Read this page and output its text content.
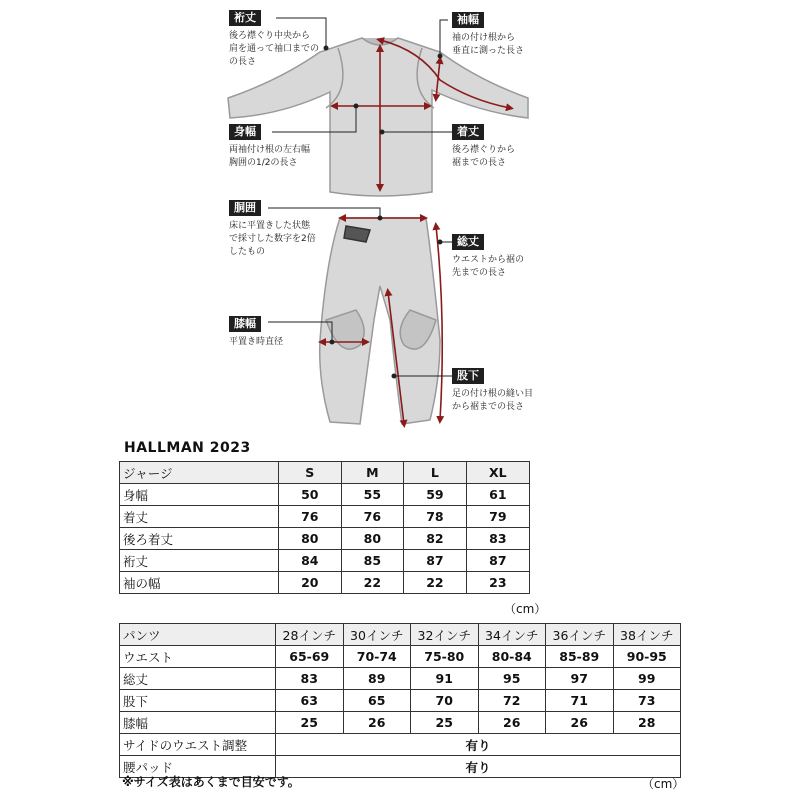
裄丈
後ろ襟ぐり中央から
肩を通って袖口までの
の長さ
袖幅
袖の付け根から
垂直に測った長さ
身幅
両袖付け根の左右幅
胸囲の1/2の長さ
着丈
後ろ襟ぐりから
裾までの長さ
胴囲
床に平置きした状態
で採寸した数字を2倍
したもの
総丈
ウエストから裾の
先までの長さ
膝幅
平置き時直径
股下
足の付け根の縫い目
から裾までの長さ
HALLMAN 2023
ジャージ	S	M	L	XL
身幅	50	55	59	61
着丈	76	76	78	79
後ろ着丈	80	80	82	83
裄丈	84	85	87	87
袖の幅	20	22	22	23
（cm）
パンツ	28インチ	30インチ	32インチ	34インチ	36インチ	38インチ
ウエスト	65-69	70-74	75-80	80-84	85-89	90-95
総丈	83	89	91	95	97	99
股下	63	65	70	72	71	73
膝幅	25	26	25	26	26	28
サイドのウエスト調整	有り					
腰パッド	有り					
※サイズ表はあくまで目安です。	（cm）
